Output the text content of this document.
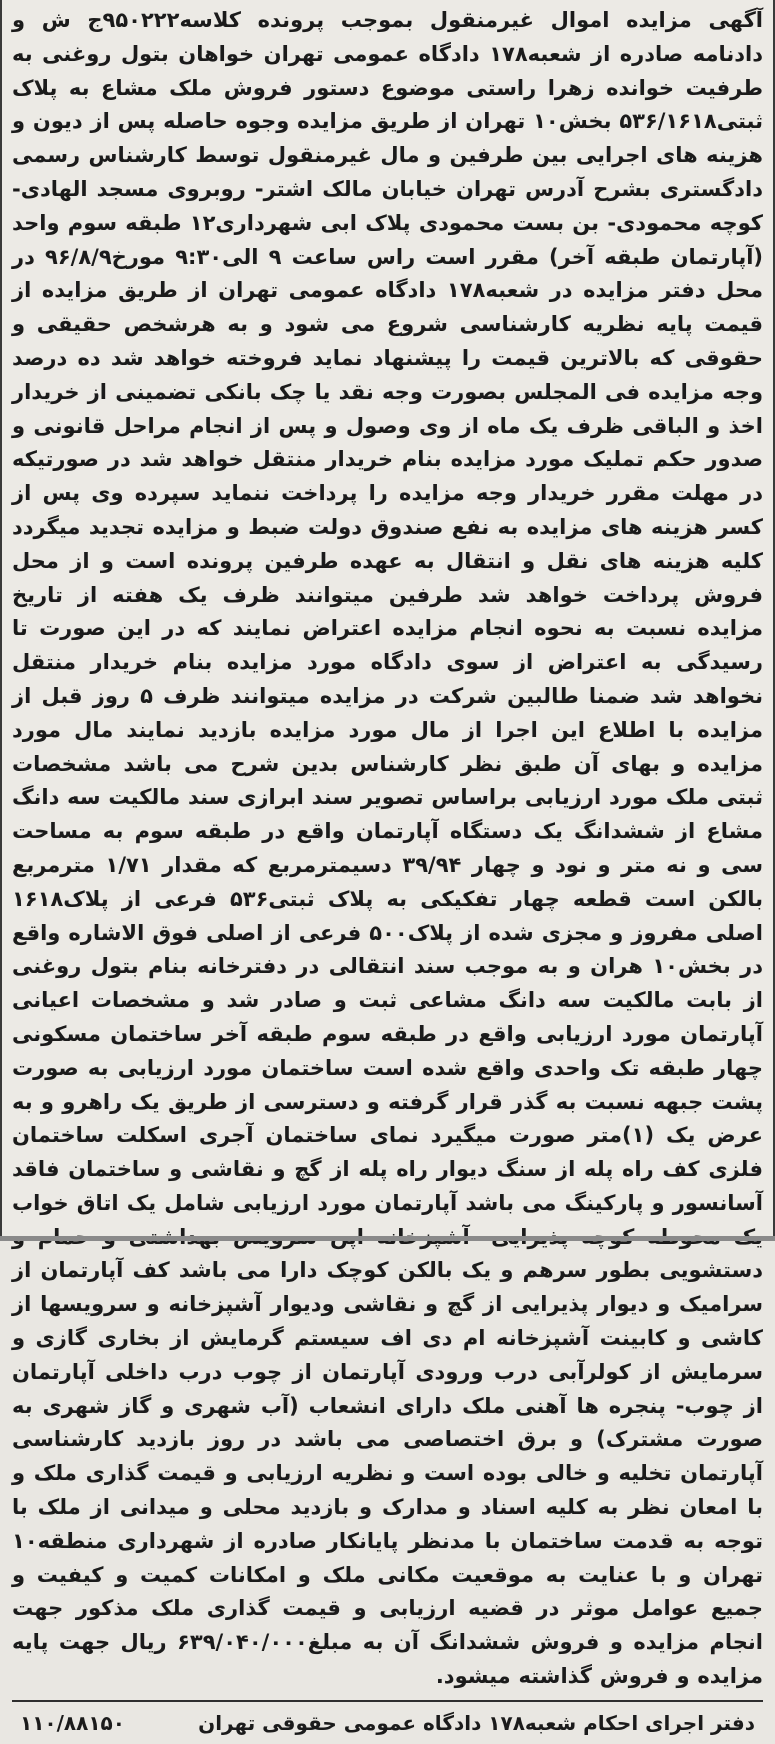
آگهی مزایده اموال غیرمنقول بموجب پرونده کلاسه۹۵۰۲۲۲ج ش و دادنامه صادره از شعبه۱۷۸ دادگاه عمومی تهران خواهان بتول روغنی به طرفیت خوانده زهرا راستی موضوع دستور فروش ملک مشاع به پلاک ثبتی۵۳۶/۱۶۱۸ بخش۱۰ تهران از طریق مزایده وجوه حاصله پس از دیون و هزینه های اجرایی بین طرفین و مال غیرمنقول توسط کارشناس رسمی دادگستری بشرح آدرس تهران خیابان مالک اشتر- روبروی مسجد الهادی- کوچه محمودی- بن بست محمودی پلاک ابی شهرداری۱۲ طبقه سوم واحد (آپارتمان طبقه آخر) مقرر است راس ساعت ۹ الی۹:۳۰ مورخ۹۶/۸/۹ در محل دفتر مزایده در شعبه۱۷۸ دادگاه عمومی تهران از طریق مزایده از قیمت پایه نظریه کارشناسی شروع می شود و به هرشخص حقیقی و حقوقی که بالاترین قیمت را پیشنهاد نماید فروخته خواهد شد ده درصد وجه مزایده فی المجلس بصورت وجه نقد یا چک بانکی تضمینی از خریدار اخذ و الباقی ظرف یک ماه از وی وصول و پس از انجام مراحل قانونی و صدور حکم تملیک مورد مزایده بنام خریدار منتقل خواهد شد در صورتیکه در مهلت مقرر خریدار وجه مزایده را پرداخت ننماید سپرده وی پس از کسر هزینه های مزایده به نفع صندوق دولت ضبط و مزایده تجدید میگردد کلیه هزینه های نقل و انتقال به عهده طرفین پرونده است و از محل فروش پرداخت خواهد شد طرفین میتوانند ظرف یک هفته از تاریخ مزایده نسبت به نحوه انجام مزایده اعتراض نمایند که در این صورت تا رسیدگی به اعتراض از سوی دادگاه مورد مزایده بنام خریدار منتقل نخواهد شد ضمنا طالبین شرکت در مزایده میتوانند ظرف ۵ روز قبل از مزایده با اطلاع این اجرا از مال مورد مزایده بازدید نمایند مال مورد مزایده و بهای آن طبق نظر کارشناس بدین شرح می باشد مشخصات ثبتی ملک مورد ارزیابی براساس تصویر سند ابرازی سند مالکیت سه دانگ مشاع از ششدانگ یک دستگاه آپارتمان واقع در طبقه سوم به مساحت سی و نه متر و نود و چهار ۳۹/۹۴ دسیمترمربع که مقدار ۱/۷۱ مترمربع بالکن است قطعه چهار تفکیکی به پلاک ثبتی۵۳۶ فرعی از پلاک۱۶۱۸ اصلی مفروز و مجزی شده از پلاک۵۰۰ فرعی از اصلی فوق الاشاره واقع در بخش۱۰ هران و به موجب سند انتقالی در دفترخانه بنام بتول روغنی از بابت مالکیت سه دانگ مشاعی ثبت و صادر شد و مشخصات اعیانی آپارتمان مورد ارزیابی واقع در طبقه سوم طبقه آخر ساختمان مسکونی چهار طبقه تک واحدی واقع شده است ساختمان مورد ارزیابی به صورت پشت جبهه نسبت به گذر قرار گرفته و دسترسی از طریق یک راهرو و به عرض یک (۱)متر صورت میگیرد نمای ساختمان آجری اسکلت ساختمان فلزی کف راه پله از سنگ دیوار راه پله از گچ و نقاشی و ساختمان فاقد آسانسور و پارکینگ می باشد آپارتمان مورد ارزیابی شامل یک اتاق خواب یک محوطه کوچه پذیرایی- آشپزخانه اپن سرویس بهداشتی و حمام و دستشویی بطور سرهم و یک بالکن کوچک دارا می باشد کف آپارتمان از سرامیک و دیوار پذیرایی از گچ و نقاشی ودیوار آشپزخانه و سرویسها از کاشی و کابینت آشپزخانه ام دی اف سیستم گرمایش از بخاری گازی و سرمایش از کولرآبی درب ورودی آپارتمان از چوب درب داخلی آپارتمان از چوب- پنجره ها آهنی ملک دارای انشعاب (آب شهری و گاز شهری به صورت مشترک) و برق اختصاصی می باشد در روز بازدید کارشناسی آپارتمان تخلیه و خالی بوده است و نظریه ارزیابی و قیمت گذاری ملک و با امعان نظر به کلیه اسناد و مدارک و بازدید محلی و میدانی از ملک با توجه به قدمت ساختمان با مدنظر پایانکار صادره از شهرداری منطقه۱۰ تهران و با عنایت به موقعیت مکانی ملک و امکانات کمیت و کیفیت و جمیع عوامل موثر در قضیه ارزیابی و قیمت گذاری ملک مذکور جهت انجام مزایده و فروش ششدانگ آن به مبلغ۶۳۹/۰۴۰/۰۰۰ ریال جهت پایه مزایده و فروش گذاشته میشود.

دفتر اجرای احکام شعبه۱۷۸ دادگاه عمومی حقوقی تهران
۱۱۰/۸۸۱۵۰
